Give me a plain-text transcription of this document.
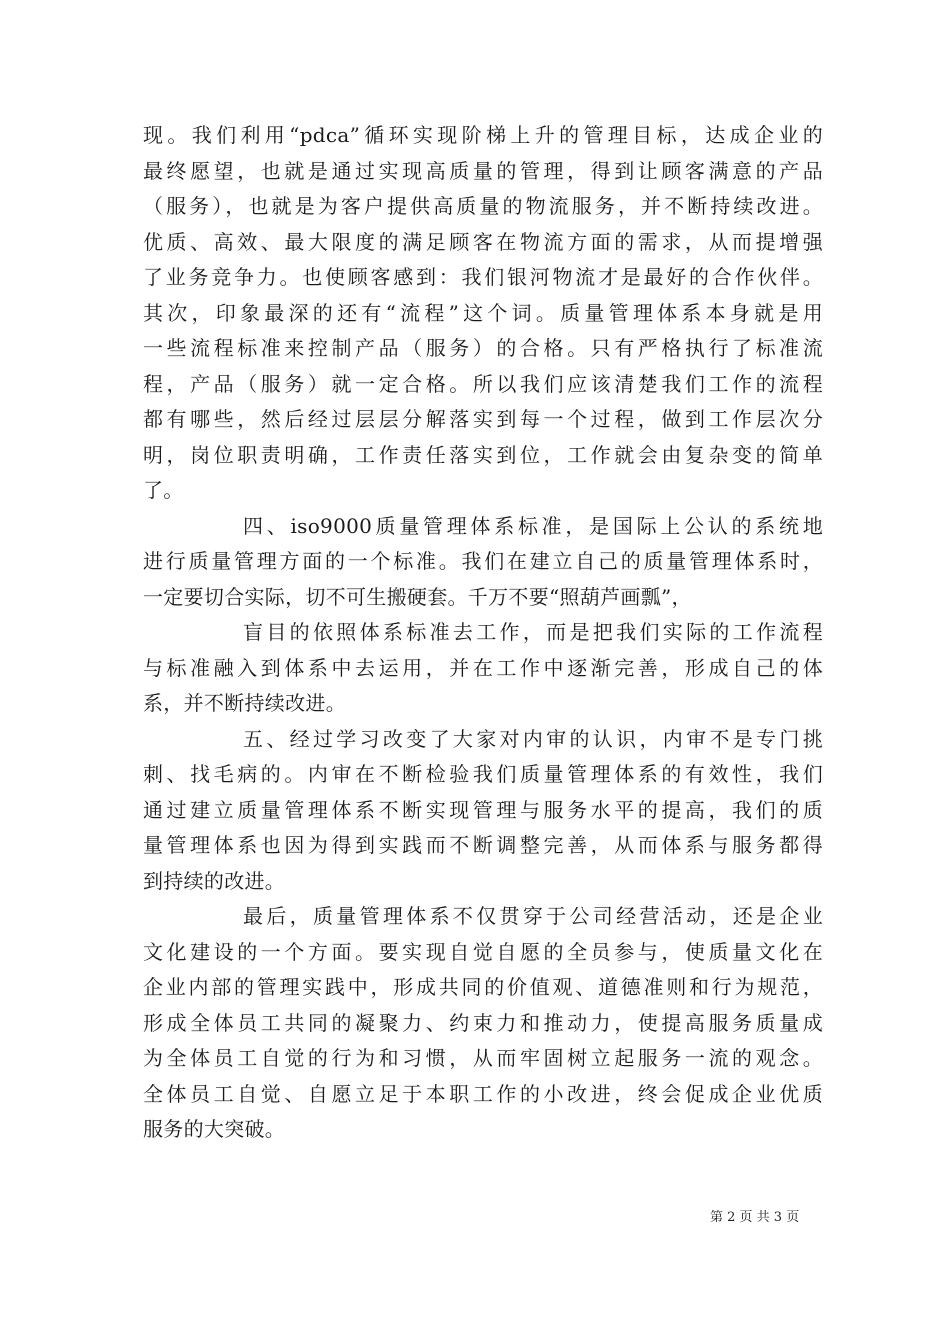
现。我们利用“pdca”循环实现阶梯上升的管理目标，达成企业的
最终愿望，也就是通过实现高质量的管理，得到让顾客满意的产品
（服务），也就是为客户提供高质量的物流服务，并不断持续改进。
优质、高效、最大限度的满足顾客在物流方面的需求，从而提增强
了业务竞争力。也使顾客感到：我们银河物流才是最好的合作伙伴。
其次，印象最深的还有“流程”这个词。质量管理体系本身就是用
一些流程标准来控制产品（服务）的合格。只有严格执行了标准流
程，产品（服务）就一定合格。所以我们应该清楚我们工作的流程
都有哪些，然后经过层层分解落实到每一个过程，做到工作层次分
明，岗位职责明确，工作责任落实到位，工作就会由复杂变的简单
了。
四、iso9000质量管理体系标准，是国际上公认的系统地
进行质量管理方面的一个标准。我们在建立自己的质量管理体系时，
一定要切合实际，切不可生搬硬套。千万不要“照葫芦画瓢”，
盲目的依照体系标准去工作，而是把我们实际的工作流程
与标准融入到体系中去运用，并在工作中逐渐完善，形成自己的体
系，并不断持续改进。
五、经过学习改变了大家对内审的认识，内审不是专门挑
刺、找毛病的。内审在不断检验我们质量管理体系的有效性，我们
通过建立质量管理体系不断实现管理与服务水平的提高，我们的质
量管理体系也因为得到实践而不断调整完善，从而体系与服务都得
到持续的改进。
最后，质量管理体系不仅贯穿于公司经营活动，还是企业
文化建设的一个方面。要实现自觉自愿的全员参与，使质量文化在
企业内部的管理实践中，形成共同的价值观、道德准则和行为规范，
形成全体员工共同的凝聚力、约束力和推动力，使提高服务质量成
为全体员工自觉的行为和习惯，从而牢固树立起服务一流的观念。
全体员工自觉、自愿立足于本职工作的小改进，终会促成企业优质
服务的大突破。
第 2 页 共 3 页
